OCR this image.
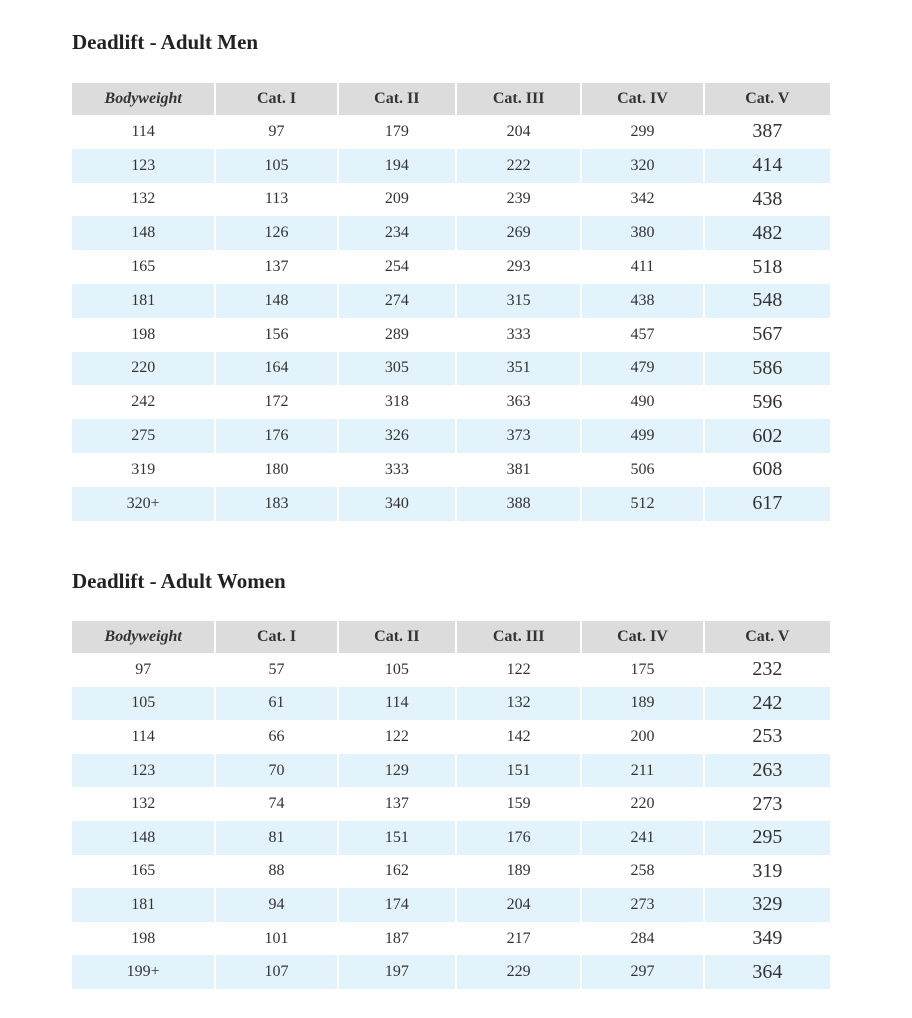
Deadlift - Adult Men
Bodyweight	Cat. I	Cat. II	Cat. III	Cat. IV	Cat. V
114	97	179	204	299	387
123	105	194	222	320	414
132	113	209	239	342	438
148	126	234	269	380	482
165	137	254	293	411	518
181	148	274	315	438	548
198	156	289	333	457	567
220	164	305	351	479	586
242	172	318	363	490	596
275	176	326	373	499	602
319	180	333	381	506	608
320+	183	340	388	512	617
Deadlift - Adult Women
Bodyweight	Cat. I	Cat. II	Cat. III	Cat. IV	Cat. V
97	57	105	122	175	232
105	61	114	132	189	242
114	66	122	142	200	253
123	70	129	151	211	263
132	74	137	159	220	273
148	81	151	176	241	295
165	88	162	189	258	319
181	94	174	204	273	329
198	101	187	217	284	349
199+	107	197	229	297	364
